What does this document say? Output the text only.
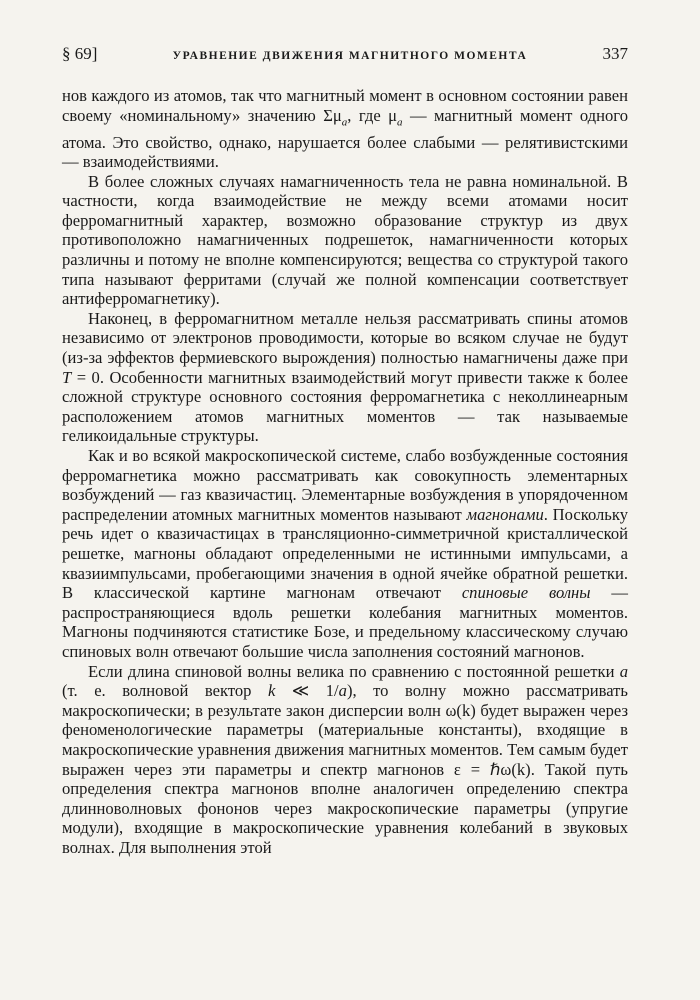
§ 69]	УРАВНЕНИЕ ДВИЖЕНИЯ МАГНИТНОГО МОМЕНТА	337

нов каждого из атомов, так что магнитный момент в основном состоянии равен своему «номинальному» значению $\Sigma\mu_a$, где $\mu_a$ — магнитный момент одного атома. Это свойство, однако, нарушается более слабыми — релятивистскими — взаимодействиями.

В более сложных случаях намагниченность тела не равна номинальной. В частности, когда взаимодействие не между всеми атомами носит ферромагнитный характер, возможно образование структур из двух противоположно намагниченных подрешеток, намагниченности которых различны и потому не вполне компенсируются; вещества со структурой такого типа называют ферритами (случай же полной компенсации соответствует антиферромагнетику).

Наконец, в ферромагнитном металле нельзя рассматривать спины атомов независимо от электронов проводимости, которые во всяком случае не будут (из-за эффектов фермиевского вырождения) полностью намагничены даже при T = 0. Особенности магнитных взаимодействий могут привести также к более сложной структуре основного состояния ферромагнетика с неколлинеарным расположением атомов магнитных моментов — так называемые геликоидальные структуры.

Как и во всякой макроскопической системе, слабо возбужденные состояния ферромагнетика можно рассматривать как совокупность элементарных возбуждений — газ квазичастиц. Элементарные возбуждения в упорядоченном распределении атомных магнитных моментов называют магнонами. Поскольку речь идет о квазичастицах в трансляционно-симметричной кристаллической решетке, магноны обладают определенными не истинными импульсами, а квазиимпульсами, пробегающими значения в одной ячейке обратной решетки. В классической картине магнонам отвечают спиновые волны — распространяющиеся вдоль решетки колебания магнитных моментов. Магноны подчиняются статистике Бозе, и предельному классическому случаю спиновых волн отвечают большие числа заполнения состояний магнонов.

Если длина спиновой волны велика по сравнению с постоянной решетки a (т. е. волновой вектор k ≪ 1/a), то волну можно рассматривать макроскопически; в результате закон дисперсии волн ω(k) будет выражен через феноменологические параметры (материальные константы), входящие в макроскопические уравнения движения магнитных моментов. Тем самым будет выражен через эти параметры и спектр магнонов ε = ℏω(k). Такой путь определения спектра магнонов вполне аналогичен определению спектра длинноволновых фононов через макроскопические параметры (упругие модули), входящие в макроскопические уравнения колебаний в звуковых волнах. Для выполнения этой
